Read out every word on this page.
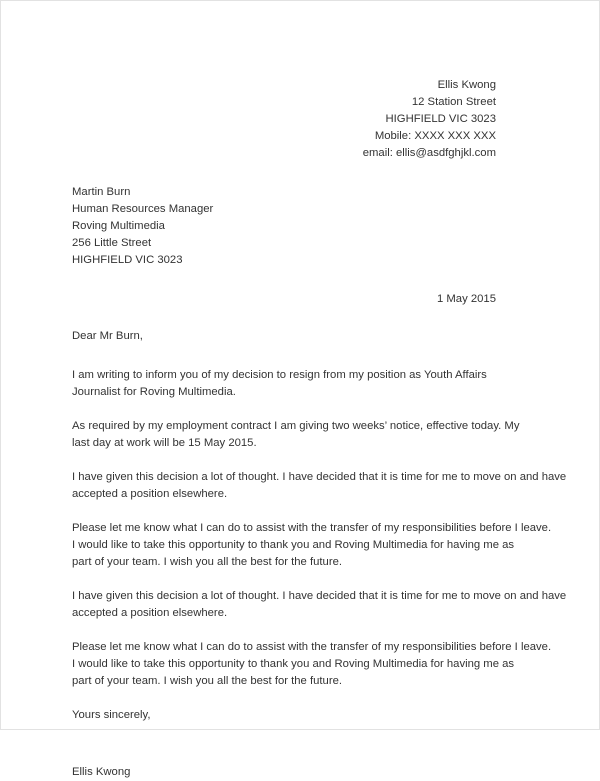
Ellis Kwong
12 Station Street
HIGHFIELD VIC 3023
Mobile: XXXX XXX XXX
email: ellis@asdfghjkl.com
Martin Burn
Human Resources Manager
Roving Multimedia
256 Little Street
HIGHFIELD VIC 3023
1 May 2015
Dear Mr Burn,

I am writing to inform you of my decision to resign from my position as Youth Affairs
Journalist for Roving Multimedia.

As required by my employment contract I am giving two weeks’ notice, effective today. My
last day at work will be 15 May 2015.

I have given this decision a lot of thought. I have decided that it is time for me to move on and have
accepted a position elsewhere.

Please let me know what I can do to assist with the transfer of my responsibilities before I leave.
I would like to take this opportunity to thank you and Roving Multimedia for having me as
part of your team. I wish you all the best for the future.

I have given this decision a lot of thought. I have decided that it is time for me to move on and have
accepted a position elsewhere.

Please let me know what I can do to assist with the transfer of my responsibilities before I leave.
I would like to take this opportunity to thank you and Roving Multimedia for having me as
part of your team. I wish you all the best for the future.

Yours sincerely,
Ellis Kwong
